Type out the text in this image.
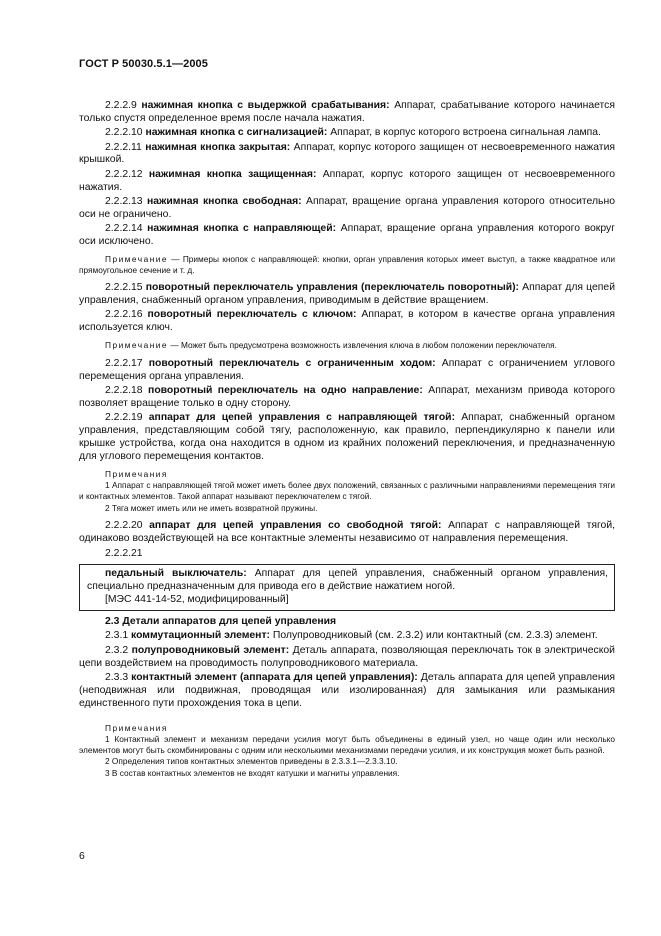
ГОСТ Р 50030.5.1—2005

2.2.2.9 нажимная кнопка с выдержкой срабатывания: Аппарат, срабатывание которого начинается только спустя определенное время после начала нажатия.

2.2.2.10 нажимная кнопка с сигнализацией: Аппарат, в корпус которого встроена сигнальная лампа.

2.2.2.11 нажимная кнопка закрытая: Аппарат, корпус которого защищен от несвоевременного нажатия крышкой.

2.2.2.12 нажимная кнопка защищенная: Аппарат, корпус которого защищен от несвоевременного нажатия.

2.2.2.13 нажимная кнопка свободная: Аппарат, вращение органа управления которого относительно оси не ограничено.

2.2.2.14 нажимная кнопка с направляющей: Аппарат, вращение органа управления которого вокруг оси исключено.

Примечание — Примеры кнопок с направляющей: кнопки, орган управления которых имеет выступ, а также квадратное или прямоугольное сечение и т. д.

2.2.2.15 поворотный переключатель управления (переключатель поворотный): Аппарат для цепей управления, снабженный органом управления, приводимым в действие вращением.

2.2.2.16 поворотный переключатель с ключом: Аппарат, в котором в качестве органа управления используется ключ.

Примечание — Может быть предусмотрена возможность извлечения ключа в любом положении переключателя.

2.2.2.17 поворотный переключатель с ограниченным ходом: Аппарат с ограничением углового перемещения органа управления.

2.2.2.18 поворотный переключатель на одно направление: Аппарат, механизм привода которого позволяет вращение только в одну сторону.

2.2.2.19 аппарат для цепей управления с направляющей тягой: Аппарат, снабженный органом управления, представляющим собой тягу, расположенную, как правило, перпендикулярно к панели или крышке устройства, когда она находится в одном из крайних положений переключения, и предназначенную для углового перемещения контактов.

Примечания

1 Аппарат с направляющей тягой может иметь более двух положений, связанных с различными направлениями перемещения тяги и контактных элементов. Такой аппарат называют переключателем с тягой.

2 Тяга может иметь или не иметь возвратной пружины.

2.2.2.20 аппарат для цепей управления со свободной тягой: Аппарат с направляющей тягой, одинаково воздействующей на все контактные элементы независимо от направления перемещения.

2.2.2.21

педальный выключатель: Аппарат для цепей управления, снабженный органом управления, специально предназначенным для привода его в действие нажатием ногой.

[МЭС 441-14-52, модифицированный]

2.3 Детали аппаратов для цепей управления

2.3.1 коммутационный элемент: Полупроводниковый (см. 2.3.2) или контактный (см. 2.3.3) элемент.

2.3.2 полупроводниковый элемент: Деталь аппарата, позволяющая переключать ток в электрической цепи воздействием на проводимость полупроводникового материала.

2.3.3 контактный элемент (аппарата для цепей управления): Деталь аппарата для цепей управления (неподвижная или подвижная, проводящая или изолированная) для замыкания или размыкания единственного пути прохождения тока в цепи.

Примечания

1 Контактный элемент и механизм передачи усилия могут быть объединены в единый узел, но чаще один или несколько элементов могут быть скомбинированы с одним или несколькими механизмами передачи усилия, и их конструкция может быть разной.

2 Определения типов контактных элементов приведены в 2.3.3.1—2.3.3.10.

3 В состав контактных элементов не входят катушки и магниты управления.

6
